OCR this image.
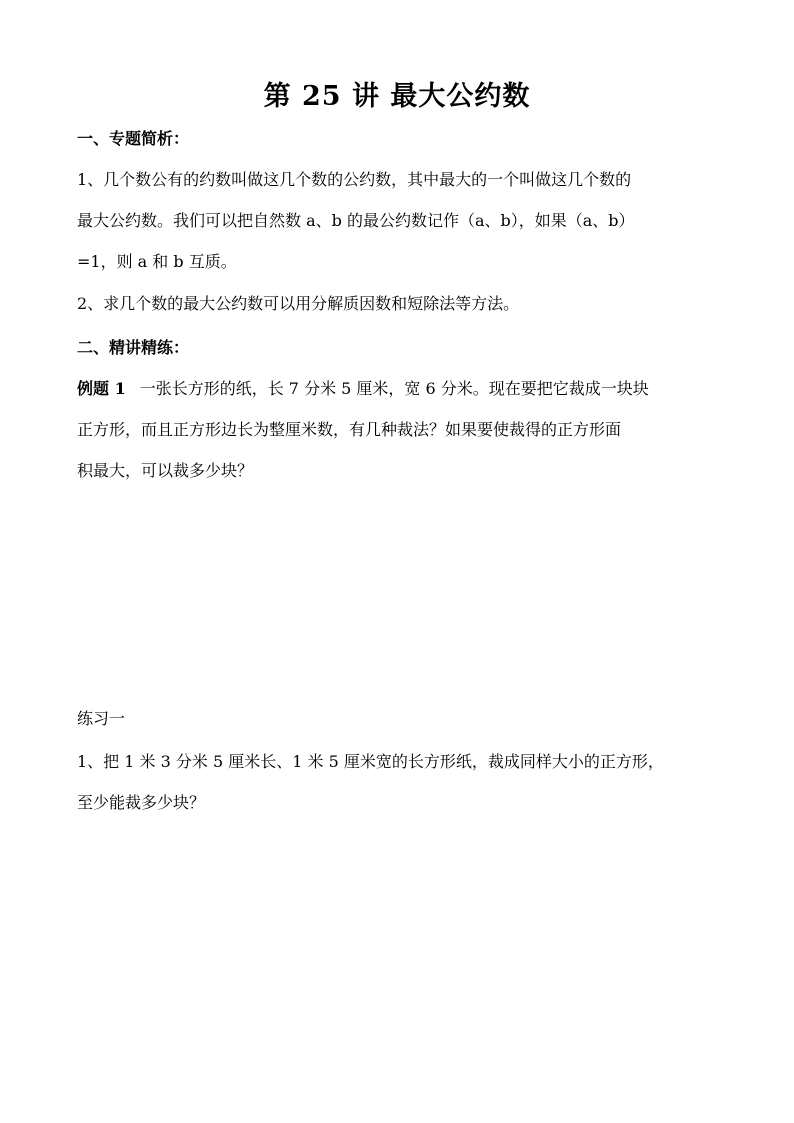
第 25 讲 最大公约数
一、专题简析：
1、几个数公有的约数叫做这几个数的公约数，其中最大的一个叫做这几个数的
最大公约数。我们可以把自然数 a、b 的最公约数记作（a、b），如果（a、b）
=1，则 a 和 b 互质。
2、求几个数的最大公约数可以用分解质因数和短除法等方法。
二、精讲精练：
例题 1 一张长方形的纸，长 7 分米 5 厘米，宽 6 分米。现在要把它裁成一块块
正方形，而且正方形边长为整厘米数，有几种裁法？如果要使裁得的正方形面
积最大，可以裁多少块？
练习一
1、把 1 米 3 分米 5 厘米长、1 米 5 厘米宽的长方形纸，裁成同样大小的正方形，
至少能裁多少块？
